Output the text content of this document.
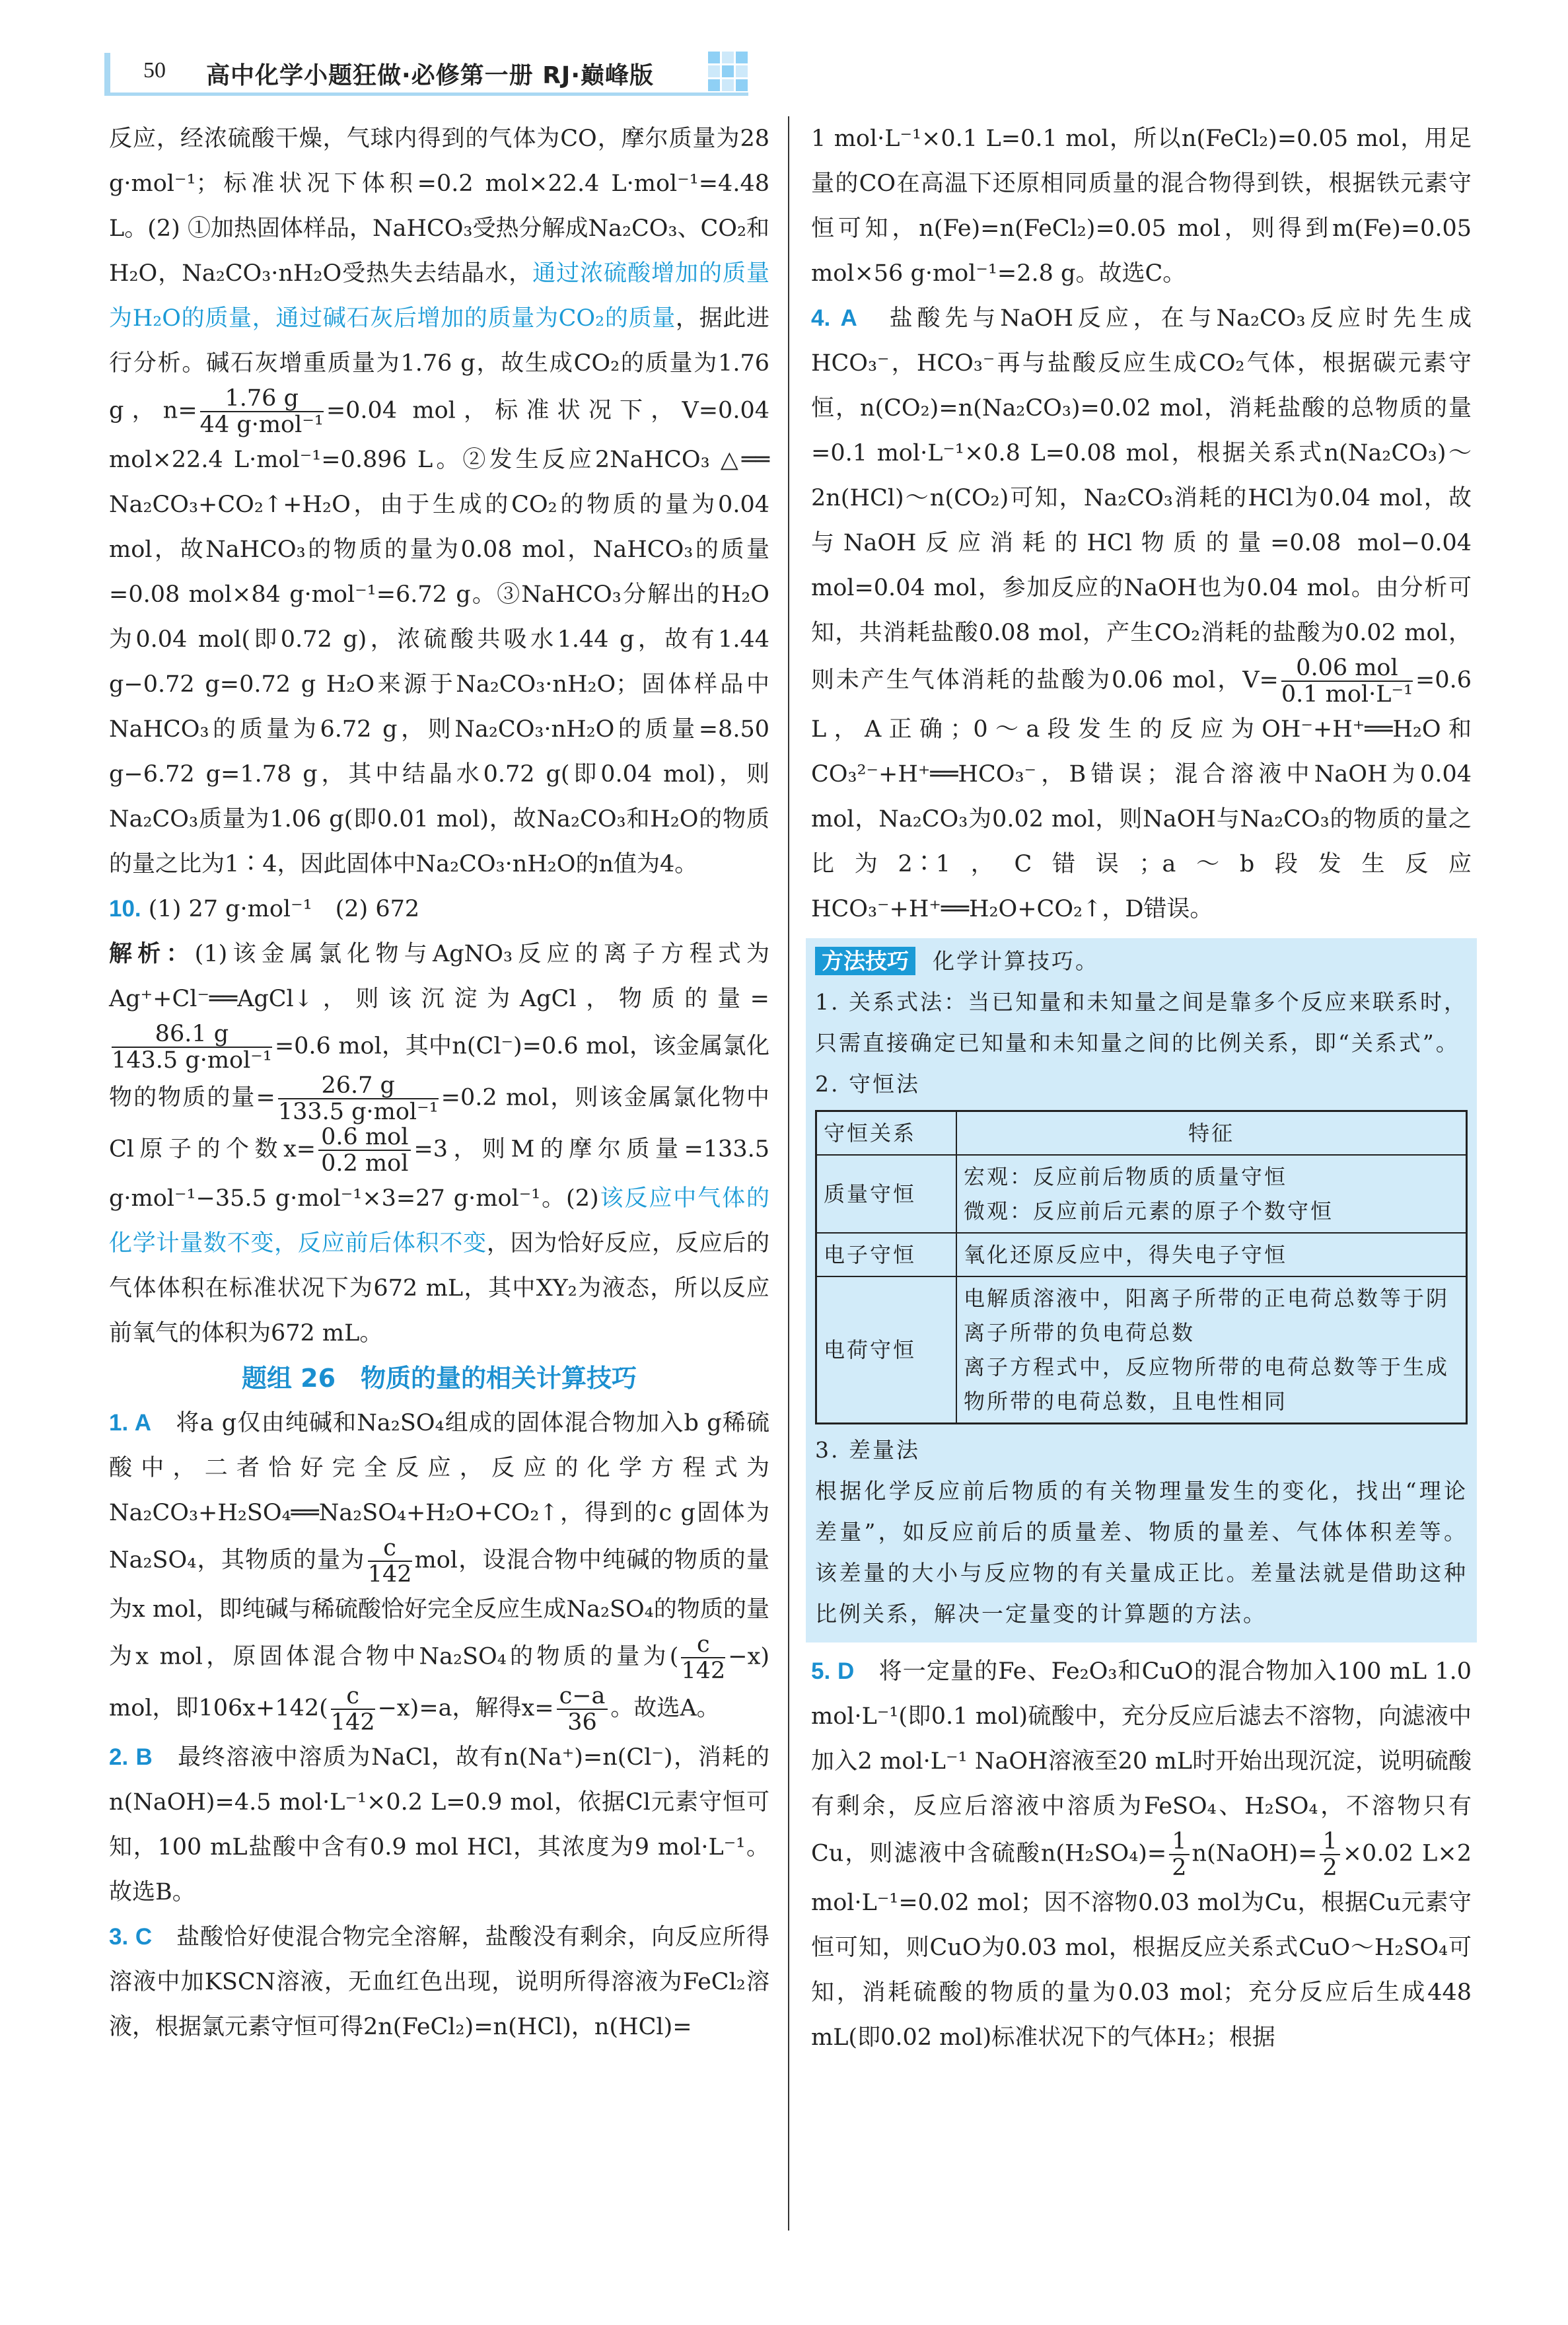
50 高中化学小题狂做·必修第一册 RJ·巅峰版

反应，经浓硫酸干燥，气球内得到的气体为CO，摩尔质量为28 g·mol⁻¹；标准状况下体积=0.2 mol×22.4 L·mol⁻¹=4.48 L。(2) ①加热固体样品，NaHCO₃受热分解成Na₂CO₃、CO₂和H₂O，Na₂CO₃·nH₂O受热失去结晶水，通过浓硫酸增加的质量为H₂O的质量，通过碱石灰后增加的质量为CO₂的质量，据此进行分析。碱石灰增重质量为1.76 g，故生成CO₂的质量为1.76 g，$n= \frac{1.76 g}{\text{44 g·mol⁻¹}} =0.04$ mol，标准状况下，V=0.04 mol×22.4 L·mol⁻¹=0.896 L。②发生反应2NaHCO₃ △══ Na₂CO₃+CO₂↑+H₂O，由于生成的CO₂的物质的量为0.04 mol，故NaHCO₃的物质的量为0.08 mol，NaHCO₃的质量=0.08 mol×84 g·mol⁻¹=6.72 g。③NaHCO₃分解出的H₂O为0.04 mol(即0.72 g)，浓硫酸共吸水1.44 g，故有1.44 g−0.72 g=0.72 g H₂O来源于Na₂CO₃·nH₂O；固体样品中NaHCO₃的质量为6.72 g，则Na₂CO₃·nH₂O的质量=8.50 g−6.72 g=1.78 g，其中结晶水0.72 g(即0.04 mol)，则Na₂CO₃质量为1.06 g(即0.01 mol)，故Na₂CO₃和H₂O的物质的量之比为1∶4，因此固体中Na₂CO₃·nH₂O的n值为4。

10. (1) 27 g·mol⁻¹　(2) 672

解析：(1)该金属氯化物与AgNO₃反应的离子方程式为Ag⁺+Cl⁻══AgCl↓，则该沉淀为AgCl，物质的量=
$\frac{86.1 g}{\text{143.5 g·mol⁻¹}} =0.6$ mol，其中n(Cl⁻)=0.6 mol，该金属氯化物的物质的量= $\frac{26.7 g}{\text{133.5 g·mol⁻¹}} =0.2$ mol，则该金属氯化物中Cl原子的个数$x= \frac{\text{0.6 mol}}{\text{0.2 mol}} =3$，则M的摩尔质量=133.5 g·mol⁻¹−35.5 g·mol⁻¹×3=27 g·mol⁻¹。(2)该反应中气体的化学计量数不变，反应前后体积不变，因为恰好反应，反应后的气体体积在标准状况下为672 mL，其中XY₂为液态，所以反应前氧气的体积为672 mL。

题组 26　物质的量的相关计算技巧

1. A　将a g仅由纯碱和Na₂SO₄组成的固体混合物加入b g稀硫酸中，二者恰好完全反应，反应的化学方程式为Na₂CO₃+H₂SO₄══Na₂SO₄+H₂O+CO₂↑，得到的c g固体为Na₂SO₄，其物质的量为 $\frac{c}{142}$ mol，设混合物中纯碱的物质的量为x mol，即纯碱与稀硫酸恰好完全反应生成Na₂SO₄的物质的量为x mol，原固体混合物中Na₂SO₄的物质的量为( $\frac{c}{142} -x$) mol，即$106x+142( \frac{c}{142} -x)=a$，解得$x= \frac{c-a}{36}$ 。故选A。

2. B　最终溶液中溶质为NaCl，故有n(Na⁺)=n(Cl⁻)，消耗的n(NaOH)=4.5 mol·L⁻¹×0.2 L=0.9 mol，依据Cl元素守恒可知，100 mL盐酸中含有0.9 mol HCl，其浓度为9 mol·L⁻¹。故选B。

3. C　盐酸恰好使混合物完全溶解，盐酸没有剩余，向反应所得溶液中加KSCN溶液，无血红色出现，说明所得溶液为FeCl₂溶液，根据氯元素守恒可得2n(FeCl₂)=n(HCl)，n(HCl)=

1 mol·L⁻¹×0.1 L=0.1 mol，所以n(FeCl₂)=0.05 mol，用足量的CO在高温下还原相同质量的混合物得到铁，根据铁元素守恒可知，n(Fe)=n(FeCl₂)=0.05 mol，则得到m(Fe)=0.05 mol×56 g·mol⁻¹=2.8 g。故选C。

4. A　盐酸先与NaOH反应，在与Na₂CO₃反应时先生成HCO₃⁻，HCO₃⁻再与盐酸反应生成CO₂气体，根据碳元素守恒，n(CO₂)=n(Na₂CO₃)=0.02 mol，消耗盐酸的总物质的量=0.1 mol·L⁻¹×0.8 L=0.08 mol，根据关系式n(Na₂CO₃)～2n(HCl)～n(CO₂)可知，Na₂CO₃消耗的HCl为0.04 mol，故与NaOH反应消耗的HCl物质的量=0.08 mol−0.04 mol=0.04 mol，参加反应的NaOH也为0.04 mol。由分析可知，共消耗盐酸0.08 mol，产生CO₂消耗的盐酸为0.02 mol，则未产生气体消耗的盐酸为0.06 mol，$V= \frac{\text{0.06 mol}}{\text{0.1 mol·L⁻¹}} =0.6$ L，A正确；0～a段发生的反应为OH⁻+H⁺══H₂O和CO₃²⁻+H⁺══HCO₃⁻，B错误；混合溶液中NaOH为0.04 mol，Na₂CO₃为0.02 mol，则NaOH与Na₂CO₃的物质的量之比为2∶1，C错误；a～b段发生反应HCO₃⁻+H⁺══H₂O+CO₂↑，D错误。

方法技巧 化学计算技巧。

1. 关系式法：当已知量和未知量之间是靠多个反应来联系时，只需直接确定已知量和未知量之间的比例关系，即“关系式”。

2. 守恒法

守恒关系	特征
质量守恒	宏观：反应前后物质的质量守恒
微观：反应前后元素的原子个数守恒

电子守恒	氧化还原反应中，得失电子守恒

电荷守恒	电解质溶液中，阳离子所带的正电荷总数等于阴离子所带的负电荷总数
离子方程式中，反应物所带的电荷总数等于生成物所带的电荷总数，且电性相同

3. 差量法

根据化学反应前后物质的有关物理量发生的变化，找出“理论差量”，如反应前后的质量差、物质的量差、气体体积差等。该差量的大小与反应物的有关量成正比。差量法就是借助这种比例关系，解决一定量变的计算题的方法。

5. D　将一定量的Fe、Fe₂O₃和CuO的混合物加入100 mL 1.0 mol·L⁻¹(即0.1 mol)硫酸中，充分反应后滤去不溶物，向滤液中加入2 mol·L⁻¹ NaOH溶液至20 mL时开始出现沉淀，说明硫酸有剩余，反应后溶液中溶质为FeSO₄、H₂SO₄，不溶物只有Cu，则滤液中含硫酸$n(H_2SO_4)= \frac{1}{2}$ n(NaOH)= $\frac{1}{2} \times 0.02$ L×2 mol·L⁻¹=0.02 mol；因不溶物0.03 mol为Cu，根据Cu元素守恒可知，则CuO为0.03 mol，根据反应关系式CuO～H₂SO₄可知，消耗硫酸的物质的量为0.03 mol；充分反应后生成448 mL(即0.02 mol)标准状况下的气体H₂；根据
